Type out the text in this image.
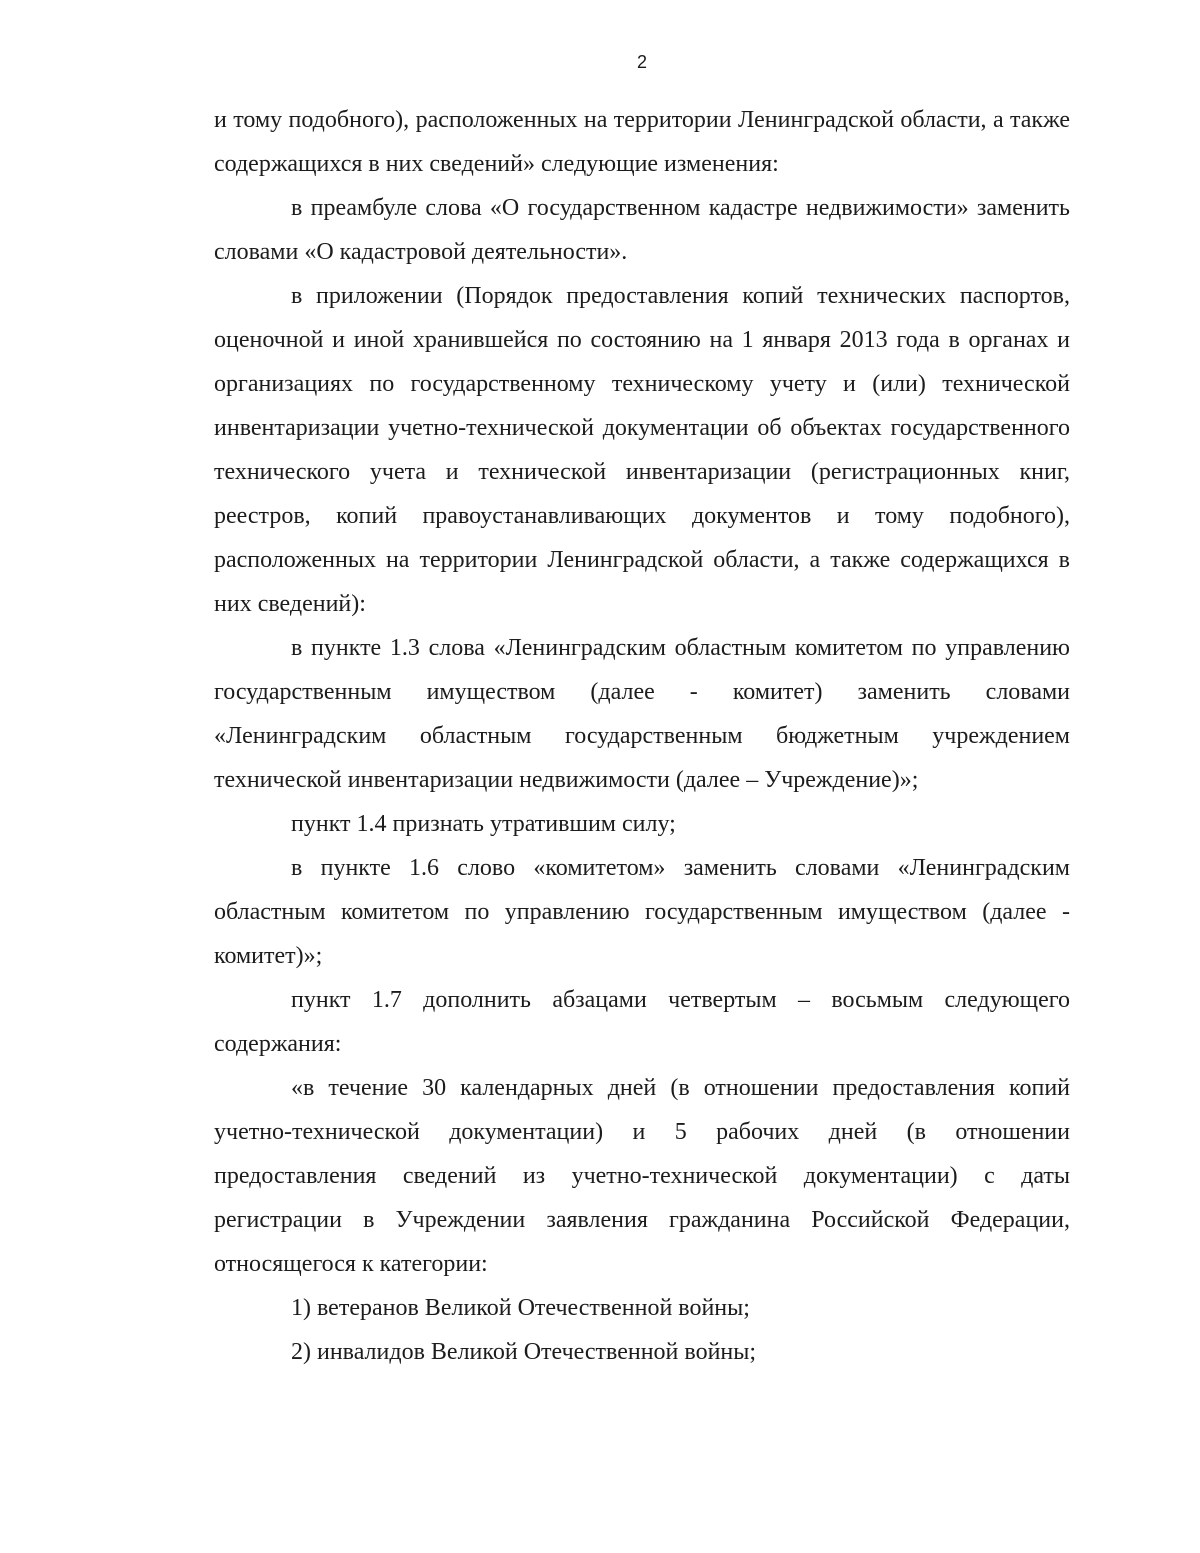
2

и тому подобного), расположенных на территории Ленинградской области, а также содержащихся в них сведений» следующие изменения:

в преамбуле слова «О государственном кадастре недвижимости» заменить словами «О кадастровой деятельности».

в приложении (Порядок предоставления копий технических паспортов, оценочной и иной хранившейся по состоянию на 1 января 2013 года в органах и организациях по государственному техническому учету и (или) технической инвентаризации учетно-технической документации об объектах государственного технического учета и технической инвентаризации (регистрационных книг, реестров, копий правоустанавливающих документов и тому подобного), расположенных на территории Ленинградской области, а также содержащихся в них сведений):

в пункте 1.3 слова «Ленинградским областным комитетом по управлению государственным имуществом (далее - комитет) заменить словами «Ленинградским областным государственным бюджетным учреждением технической инвентаризации недвижимости (далее – Учреждение)»;

пункт 1.4 признать утратившим силу;

в пункте 1.6 слово «комитетом» заменить словами «Ленинградским областным комитетом по управлению государственным имуществом (далее - комитет)»;

пункт 1.7 дополнить абзацами четвертым – восьмым следующего содержания:

«в течение 30 календарных дней (в отношении предоставления копий учетно-технической документации) и 5 рабочих дней (в отношении предоставления сведений из учетно-технической документации) с даты регистрации в Учреждении заявления гражданина Российской Федерации, относящегося к категории:

1) ветеранов Великой Отечественной войны;

2) инвалидов Великой Отечественной войны;
